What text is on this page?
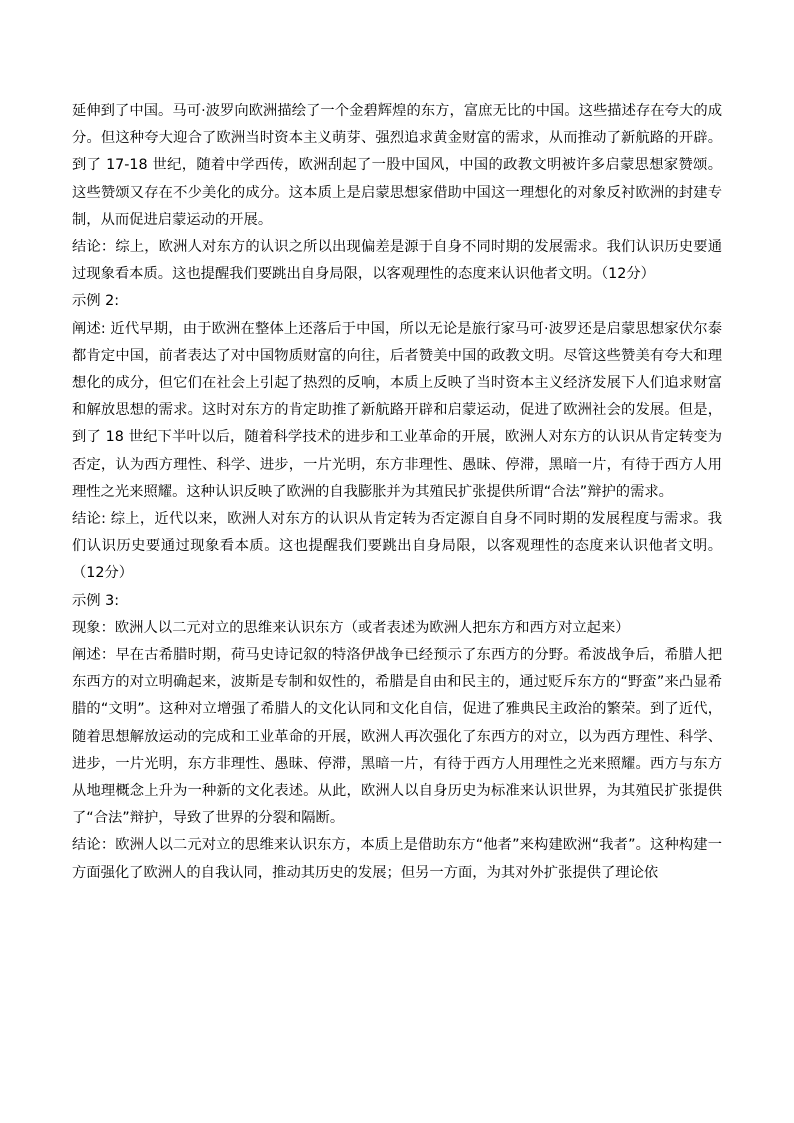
延伸到了中国。马可·波罗向欧洲描绘了一个金碧辉煌的东方，富庶无比的中国。这些描述存在夸大的成分。但这种夸大迎合了欧洲当时资本主义萌芽、强烈追求黄金财富的需求，从而推动了新航路的开辟。到了 17-18 世纪，随着中学西传，欧洲刮起了一股中国风，中国的政教文明被许多启蒙思想家赞颂。这些赞颂又存在不少美化的成分。这本质上是启蒙思想家借助中国这一理想化的对象反衬欧洲的封建专制，从而促进启蒙运动的开展。

结论：综上，欧洲人对东方的认识之所以出现偏差是源于自身不同时期的发展需求。我们认识历史要通过现象看本质。这也提醒我们要跳出自身局限，以客观理性的态度来认识他者文明。（12分）

示例 2:

阐述: 近代早期，由于欧洲在整体上还落后于中国，所以无论是旅行家马可·波罗还是启蒙思想家伏尔泰都肯定中国，前者表达了对中国物质财富的向往，后者赞美中国的政教文明。尽管这些赞美有夸大和理想化的成分，但它们在社会上引起了热烈的反响，本质上反映了当时资本主义经济发展下人们追求财富和解放思想的需求。这时对东方的肯定助推了新航路开辟和启蒙运动，促进了欧洲社会的发展。但是，到了 18 世纪下半叶以后，随着科学技术的进步和工业革命的开展，欧洲人对东方的认识从肯定转变为否定，认为西方理性、科学、进步，一片光明，东方非理性、愚昧、停滞，黑暗一片，有待于西方人用理性之光来照耀。这种认识反映了欧洲的自我膨胀并为其殖民扩张提供所谓“合法”辩护的需求。

结论: 综上，近代以来，欧洲人对东方的认识从肯定转为否定源自自身不同时期的发展程度与需求。我们认识历史要通过现象看本质。这也提醒我们要跳出自身局限，以客观理性的态度来认识他者文明。（12分）

示例 3:

现象：欧洲人以二元对立的思维来认识东方（或者表述为欧洲人把东方和西方对立起来）

阐述：早在古希腊时期，荷马史诗记叙的特洛伊战争已经预示了东西方的分野。希波战争后，希腊人把东西方的对立明确起来，波斯是专制和奴性的，希腊是自由和民主的，通过贬斥东方的“野蛮”来凸显希腊的“文明”。这种对立增强了希腊人的文化认同和文化自信，促进了雅典民主政治的繁荣。到了近代，随着思想解放运动的完成和工业革命的开展，欧洲人再次强化了东西方的对立，以为西方理性、科学、进步，一片光明，东方非理性、愚昧、停滞，黑暗一片，有待于西方人用理性之光来照耀。西方与东方从地理概念上升为一种新的文化表述。从此，欧洲人以自身历史为标准来认识世界，为其殖民扩张提供了“合法”辩护，导致了世界的分裂和隔断。

结论：欧洲人以二元对立的思维来认识东方，本质上是借助东方“他者”来构建欧洲“我者”。这种构建一方面强化了欧洲人的自我认同，推动其历史的发展；但另一方面，为其对外扩张提供了理论依
